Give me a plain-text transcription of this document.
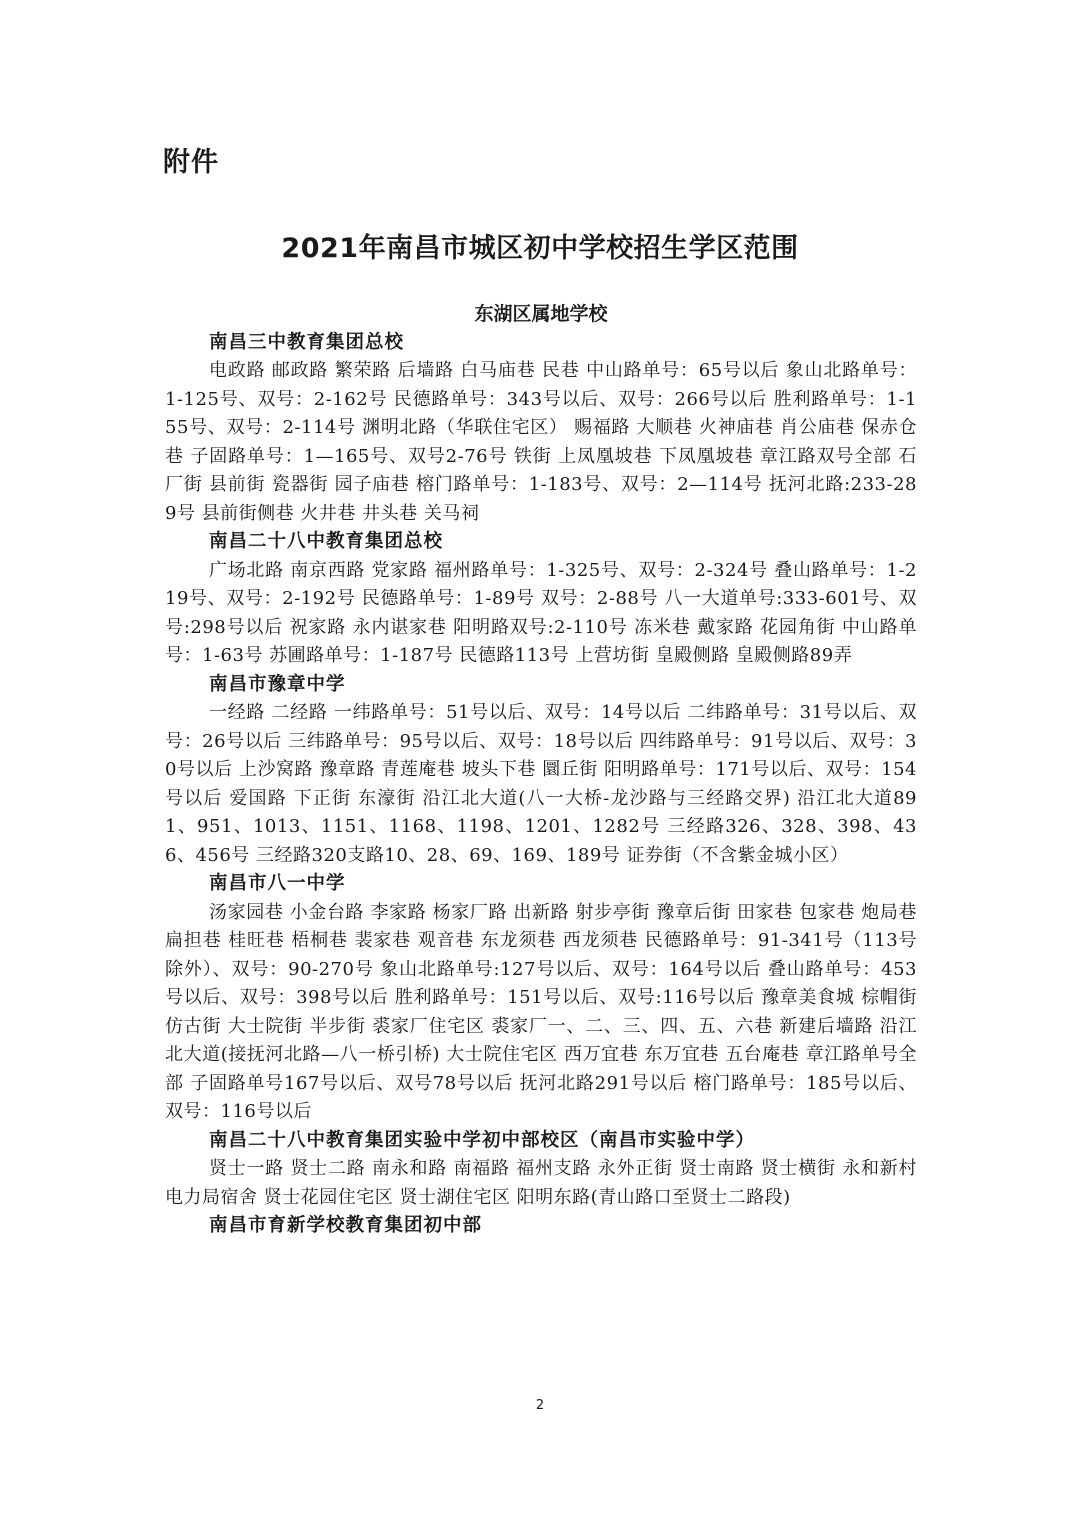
附件
2021年南昌市城区初中学校招生学区范围

东湖区属地学校

南昌三中教育集团总校

电政路 邮政路 繁荣路 后墙路 白马庙巷 民巷 中山路单号：65号以后 象山北路单号：1-125号、双号：2-162号 民德路单号：343号以后、双号：266号以后 胜利路单号：1-155号、双号：2-114号 渊明北路（华联住宅区） 赐福路 大顺巷 火神庙巷 肖公庙巷 保赤仓巷 子固路单号：1—165号、双号2-76号 铁街 上凤凰坡巷 下凤凰坡巷 章江路双号全部 石厂街 县前街 瓷器街 园子庙巷 榕门路单号：1-183号、双号：2—114号 抚河北路:233-289号 县前街侧巷 火井巷 井头巷 关马祠

南昌二十八中教育集团总校

广场北路 南京西路 党家路 福州路单号：1-325号、双号：2-324号 叠山路单号：1-219号、双号：2-192号 民德路单号：1-89号 双号：2-88号 八一大道单号:333-601号、双号:298号以后 祝家路 永内谌家巷 阳明路双号:2-110号 冻米巷 戴家路 花园角街 中山路单号：1-63号 苏圃路单号：1-187号 民德路113号 上营坊街 皇殿侧路 皇殿侧路89弄

南昌市豫章中学

一经路 二经路 一纬路单号：51号以后、双号：14号以后 二纬路单号：31号以后、双号：26号以后 三纬路单号：95号以后、双号：18号以后 四纬路单号：91号以后、双号：30号以后 上沙窝路 豫章路 青莲庵巷 坡头下巷 圜丘街 阳明路单号：171号以后、双号：154号以后 爱国路 下正街 东濠街 沿江北大道(八一大桥-龙沙路与三经路交界) 沿江北大道891、951、1013、1151、1168、1198、1201、1282号 三经路326、328、398、436、456号 三经路320支路10、28、69、169、189号 证券街（不含紫金城小区）

南昌市八一中学

汤家园巷 小金台路 李家路 杨家厂路 出新路 射步亭街 豫章后街 田家巷 包家巷 炮局巷 扁担巷 桂旺巷 梧桐巷 裴家巷 观音巷 东龙须巷 西龙须巷 民德路单号：91-341号（113号除外）、双号：90-270号 象山北路单号:127号以后、双号：164号以后 叠山路单号：453号以后、双号：398号以后 胜利路单号：151号以后、双号:116号以后 豫章美食城 棕帽街 仿古街 大士院街 半步街 裘家厂住宅区 裘家厂一、二、三、四、五、六巷 新建后墙路 沿江北大道(接抚河北路—八一桥引桥) 大士院住宅区 西万宜巷 东万宜巷 五台庵巷 章江路单号全部 子固路单号167号以后、双号78号以后 抚河北路291号以后 榕门路单号：185号以后、双号：116号以后

南昌二十八中教育集团实验中学初中部校区（南昌市实验中学）

贤士一路 贤士二路 南永和路 南福路 福州支路 永外正街 贤士南路 贤士横街 永和新村 电力局宿舍 贤士花园住宅区 贤士湖住宅区 阳明东路(青山路口至贤士二路段)

南昌市育新学校教育集团初中部

2
